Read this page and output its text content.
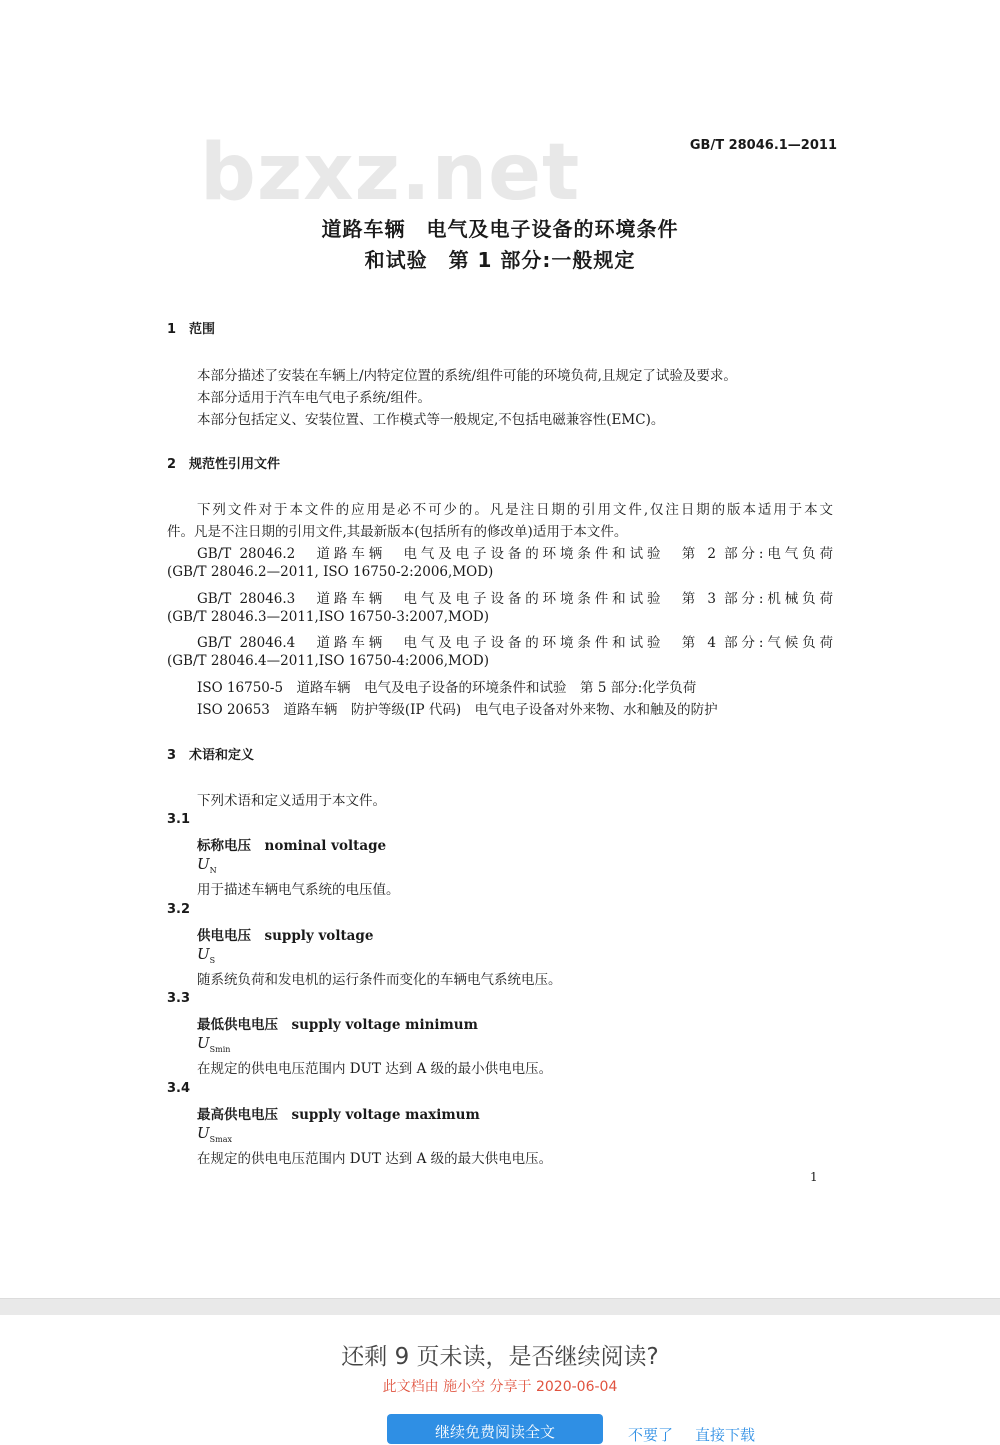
bzxz.net	GB/T 28046.1—2011
道路车辆　电气及电子设备的环境条件
和试验　第 1 部分:一般规定
1 范围
本部分描述了安装在车辆上/内特定位置的系统/组件可能的环境负荷,且规定了试验及要求。
本部分适用于汽车电气电子系统/组件。
本部分包括定义、安装位置、工作模式等一般规定,不包括电磁兼容性(EMC)。
2 规范性引用文件
下列文件对于本文件的应用是必不可少的。凡是注日期的引用文件,仅注日期的版本适用于本文
件。凡是不注日期的引用文件,其最新版本(包括所有的修改单)适用于本文件。
GB/T 28046.2　道路车辆　电气及电子设备的环境条件和试验　第 2 部分:电气负荷
(GB/T 28046.2—2011, ISO 16750-2:2006,MOD)
GB/T 28046.3　道路车辆　电气及电子设备的环境条件和试验　第 3 部分:机械负荷
(GB/T 28046.3—2011,ISO 16750-3:2007,MOD)
GB/T 28046.4　道路车辆　电气及电子设备的环境条件和试验　第 4 部分:气候负荷
(GB/T 28046.4—2011,ISO 16750-4:2006,MOD)
ISO 16750-5　道路车辆　电气及电子设备的环境条件和试验　第 5 部分:化学负荷
ISO 20653　道路车辆　防护等级(IP 代码)　电气电子设备对外来物、水和触及的防护
3 术语和定义
下列术语和定义适用于本文件。
3.1
标称电压　nominal voltage
$U_N$
用于描述车辆电气系统的电压值。
3.2
供电电压　supply voltage
$U_S$
随系统负荷和发电机的运行条件而变化的车辆电气系统电压。
3.3
最低供电电压　supply voltage minimum
$U_{Smin}$
在规定的供电电压范围内 DUT 达到 A 级的最小供电电压。
3.4
最高供电电压　supply voltage maximum
$U_{Smax}$
在规定的供电电压范围内 DUT 达到 A 级的最大供电电压。
1
还剩 9 页未读，是否继续阅读?
此文档由 施小空 分享于 2020-06-04
继续免费阅读全文	不要了 直接下载
